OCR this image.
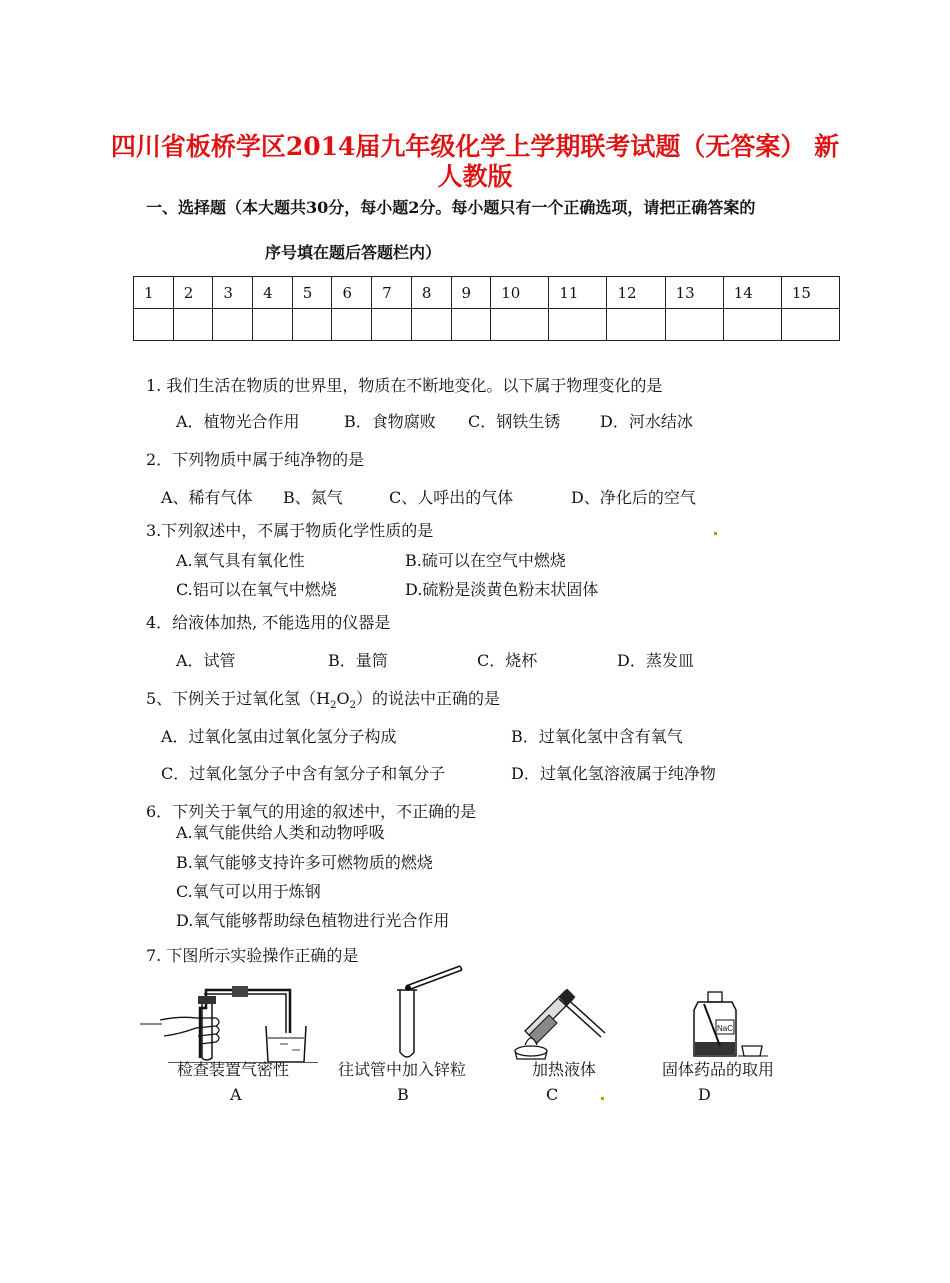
四川省板桥学区2014届九年级化学上学期联考试题（无答案） 新
人教版
一、选择题（本大题共30分，每小题2分。每小题只有一个正确选项，请把正确答案的
序号填在题后答题栏内）
1	2	3	4	5	6	7	8	9	10	11	12	13	14	15

1. 我们生活在物质的世界里，物质在不断地变化。以下属于物理变化的是
A．植物光合作用	B．食物腐败 C．钢铁生锈 D．河水结冰
2．下列物质中属于纯净物的是
A、稀有气体 B、氮气	C、人呼出的气体	D、净化后的空气
3.下列叙述中，不属于物质化学性质的是
A.氧气具有氧化性	B.硫可以在空气中燃烧
C.铝可以在氧气中燃烧	D.硫粉是淡黄色粉末状固体
4．给液体加热, 不能选用的仪器是
A．试管	B．量筒	C．烧杯	D．蒸发皿
5、下例关于过氧化氢$(H_2O_2)$的说法中正确的是
A．过氧化氢由过氧化氢分子构成	B．过氧化氢中含有氧气
C．过氧化氢分子中含有氢分子和氧分子	D．过氧化氢溶液属于纯净物
6．下列关于氧气的用途的叙述中，不正确的是
A.氧气能供给人类和动物呼吸
B.氧气能够支持许多可燃物质的燃烧
C.氧气可以用于炼钢
D.氧气能够帮助绿色植物进行光合作用
7. 下图所示实验操作正确的是
NaCl
检查装置气密性	往试管中加入锌粒	加热液体	固体药品的取用
A	B	C	D
